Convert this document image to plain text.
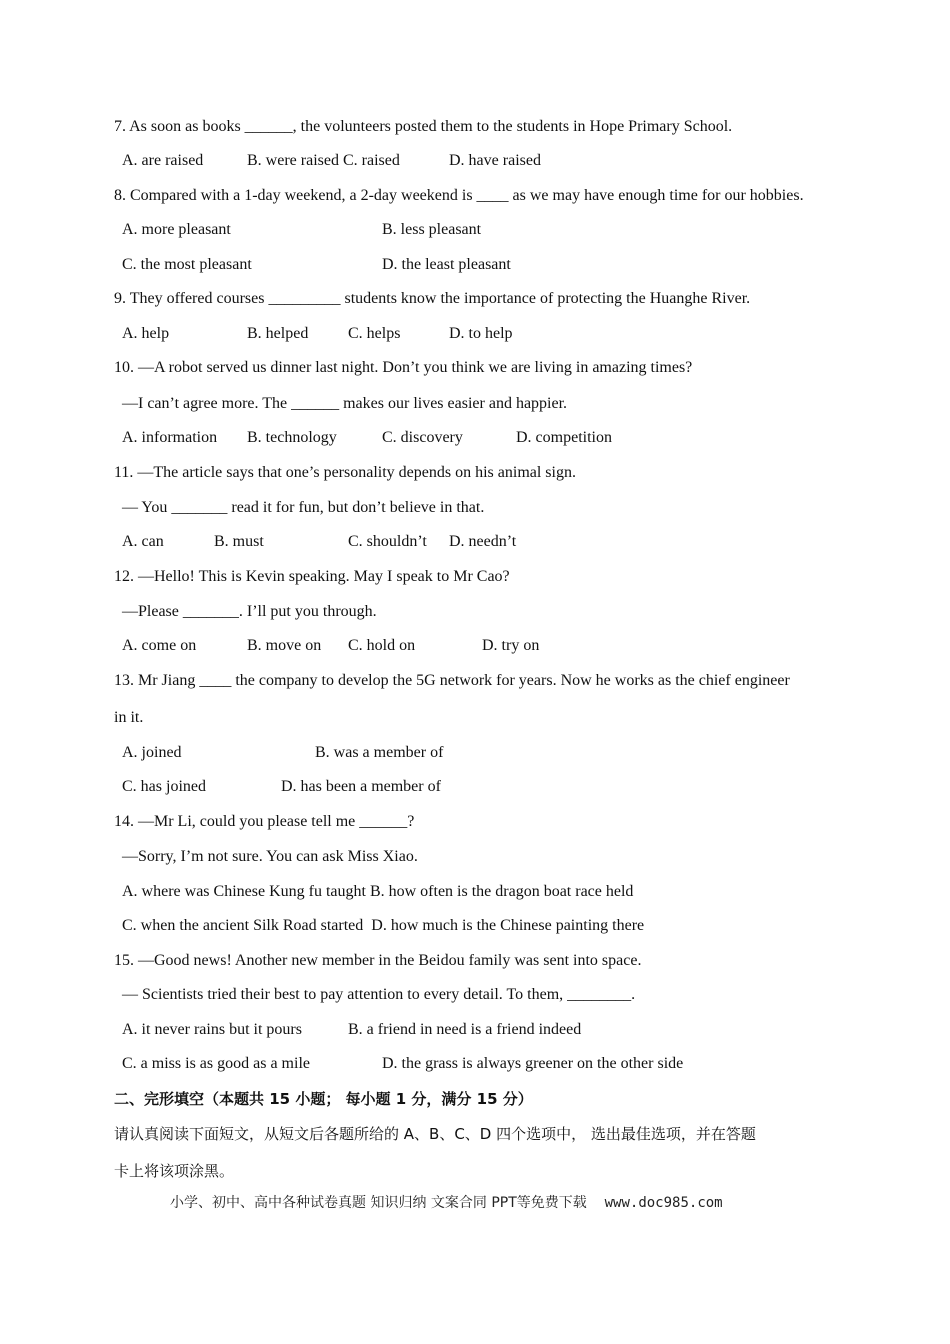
7. As soon as books ______, the volunteers posted them to the students in Hope Primary School.
A. are raised	B. were raised C. raised	D. have raised
8. Compared with a 1-day weekend, a 2-day weekend is ____ as we may have enough time for our hobbies.
A. more pleasant	B. less pleasant
C. the most pleasant	D. the least pleasant
9. They offered courses _________ students know the importance of protecting the Huanghe River.
A. help	B. helped C. helps	D. to help
10. —A robot served us dinner last night. Don’t you think we are living in amazing times?
—I can’t agree more. The ______ makes our lives easier and happier.
A. information B. technology	C. discovery	D. competition
11. —The article says that one’s personality depends on his animal sign.
— You _______ read it for fun, but don’t believe in that.
A. can	B. must	C. shouldn’t D. needn’t
12. —Hello! This is Kevin speaking. May I speak to Mr Cao?
—Please _______. I’ll put you through.
A. come on	B. move on C. hold on	D. try on
13. Mr Jiang ____ the company to develop the 5G network for years. Now he works as the chief engineer
in it.
A. joined	B. was a member of
C. has joined	D. has been a member of
14. —Mr Li, could you please tell me ______?
—Sorry, I’m not sure. You can ask Miss Xiao.
A. where was Chinese Kung fu taught B. how often is the dragon boat race held
C. when the ancient Silk Road started  D. how much is the Chinese painting there
15. —Good news! Another new member in the Beidou family was sent into space.
— Scientists tried their best to pay attention to every detail. To them, ________.
A. it never rains but it pours	B. a friend in need is a friend indeed
C. a miss is as good as a mile	D. the grass is always greener on the other side
二、完形填空（本题共 15 小题； 每小题 1 分，满分 15 分）
请认真阅读下面短文，从短文后各题所给的 A、B、C、D 四个选项中， 选出最佳选项，并在答题
卡上将该项涂黑。
小学、初中、高中各种试卷真题 知识归纳 文案合同 PPT等免费下载 www.doc985.com
